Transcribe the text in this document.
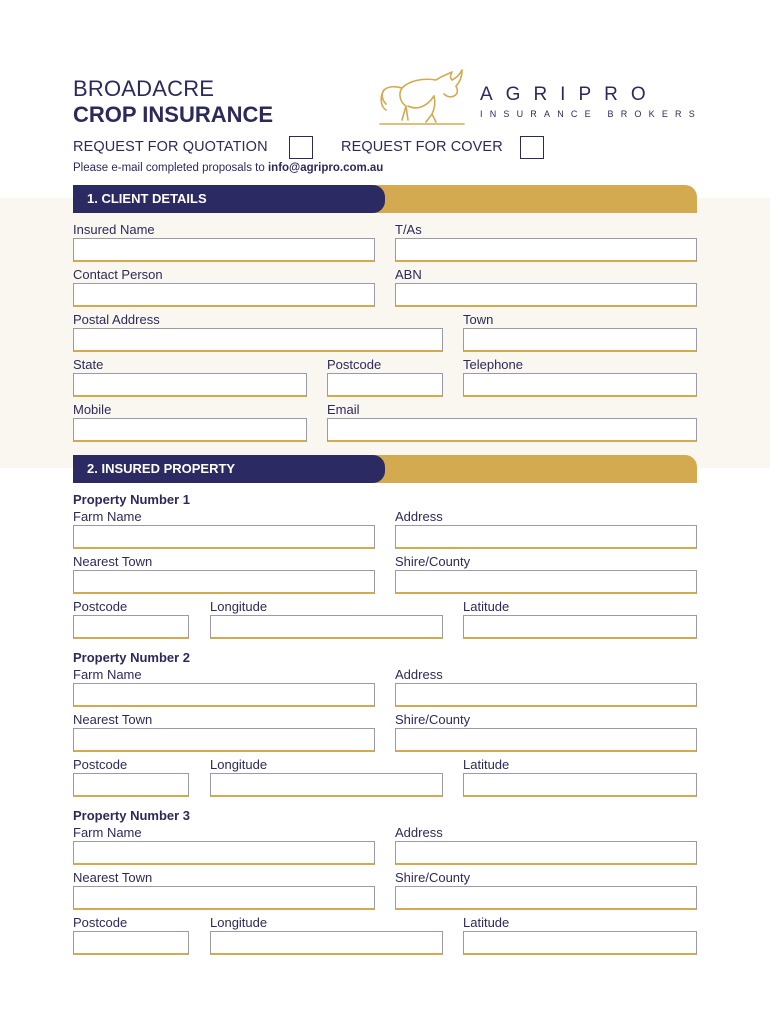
BROADACRE
CROP INSURANCE
AGRIPRO
INSURANCE BROKERS
REQUEST FOR QUOTATION	REQUEST FOR COVER
Please e-mail completed proposals to info@agripro.com.au
1. CLIENT DETAILS
Insured Name	T/As
Contact Person	ABN
Postal Address	Town
State	Postcode	Telephone
Mobile	Email
2. INSURED PROPERTY
Property Number 1
Farm Name	Address
Nearest Town	Shire/County
Postcode	Longitude	Latitude
Property Number 2
Farm Name	Address
Nearest Town	Shire/County
Postcode	Longitude	Latitude
Property Number 3
Farm Name	Address
Nearest Town	Shire/County
Postcode	Longitude	Latitude
